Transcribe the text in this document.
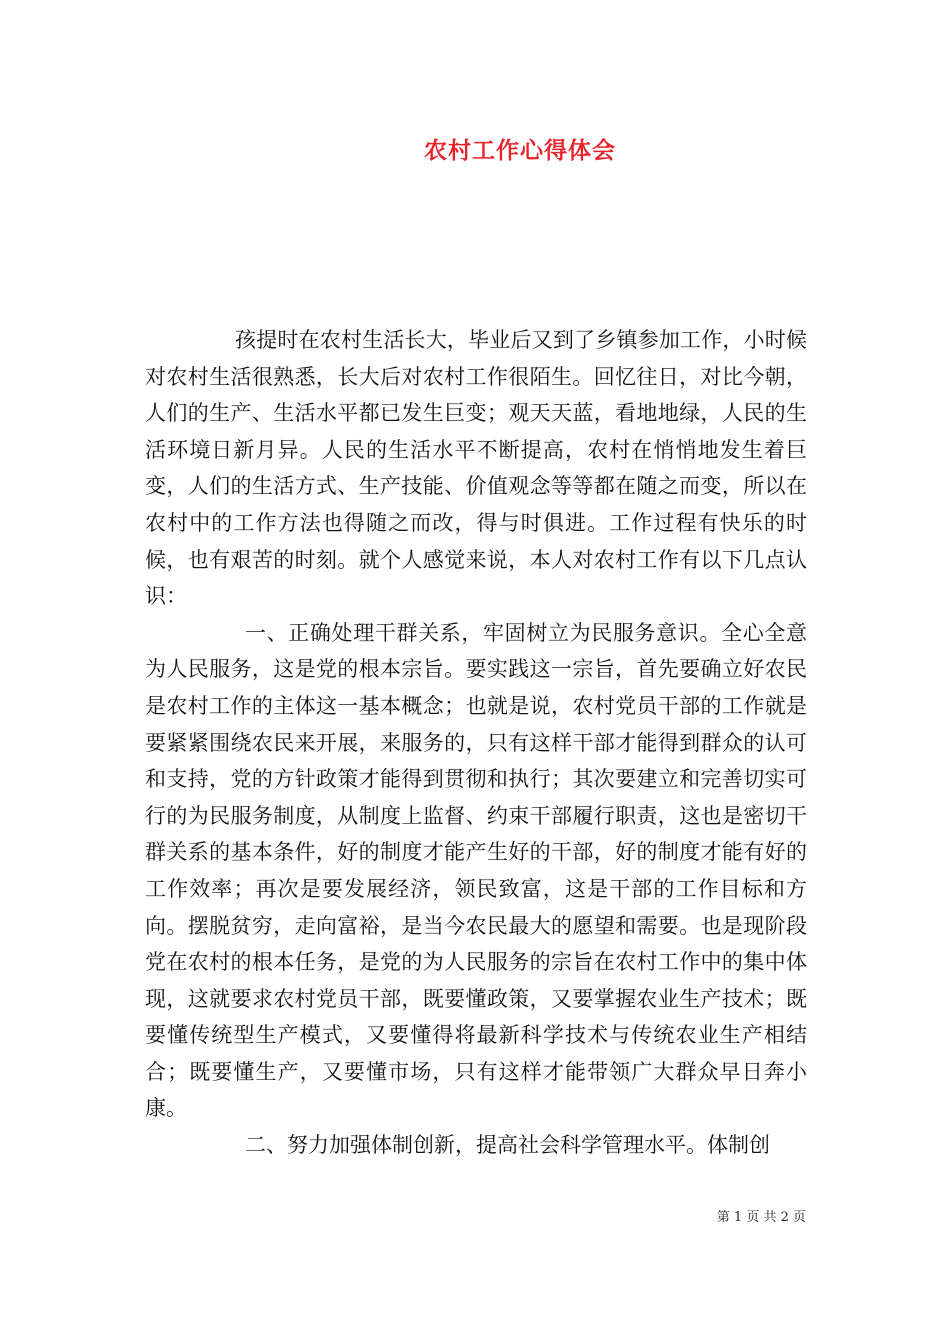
农村工作心得体会

孩提时在农村生活长大，毕业后又到了乡镇参加工作，小时候对农村生活很熟悉，长大后对农村工作很陌生。回忆往日，对比今朝，人们的生产、生活水平都已发生巨变；观天天蓝，看地地绿，人民的生活环境日新月异。人民的生活水平不断提高，农村在悄悄地发生着巨变，人们的生活方式、生产技能、价值观念等等都在随之而变，所以在农村中的工作方法也得随之而改，得与时俱进。工作过程有快乐的时候，也有艰苦的时刻。就个人感觉来说，本人对农村工作有以下几点认识：

一、正确处理干群关系，牢固树立为民服务意识。全心全意为人民服务，这是党的根本宗旨。要实践这一宗旨，首先要确立好农民是农村工作的主体这一基本概念；也就是说，农村党员干部的工作就是要紧紧围绕农民来开展，来服务的，只有这样干部才能得到群众的认可和支持，党的方针政策才能得到贯彻和执行；其次要建立和完善切实可行的为民服务制度，从制度上监督、约束干部履行职责，这也是密切干群关系的基本条件，好的制度才能产生好的干部，好的制度才能有好的工作效率；再次是要发展经济，领民致富，这是干部的工作目标和方向。摆脱贫穷，走向富裕，是当今农民最大的愿望和需要。也是现阶段党在农村的根本任务，是党的为人民服务的宗旨在农村工作中的集中体现，这就要求农村党员干部，既要懂政策，又要掌握农业生产技术；既要懂传统型生产模式，又要懂得将最新科学技术与传统农业生产相结合；既要懂生产，又要懂市场，只有这样才能带领广大群众早日奔小康。

二、努力加强体制创新，提高社会科学管理水平。体制创

第 1 页 共 2 页
